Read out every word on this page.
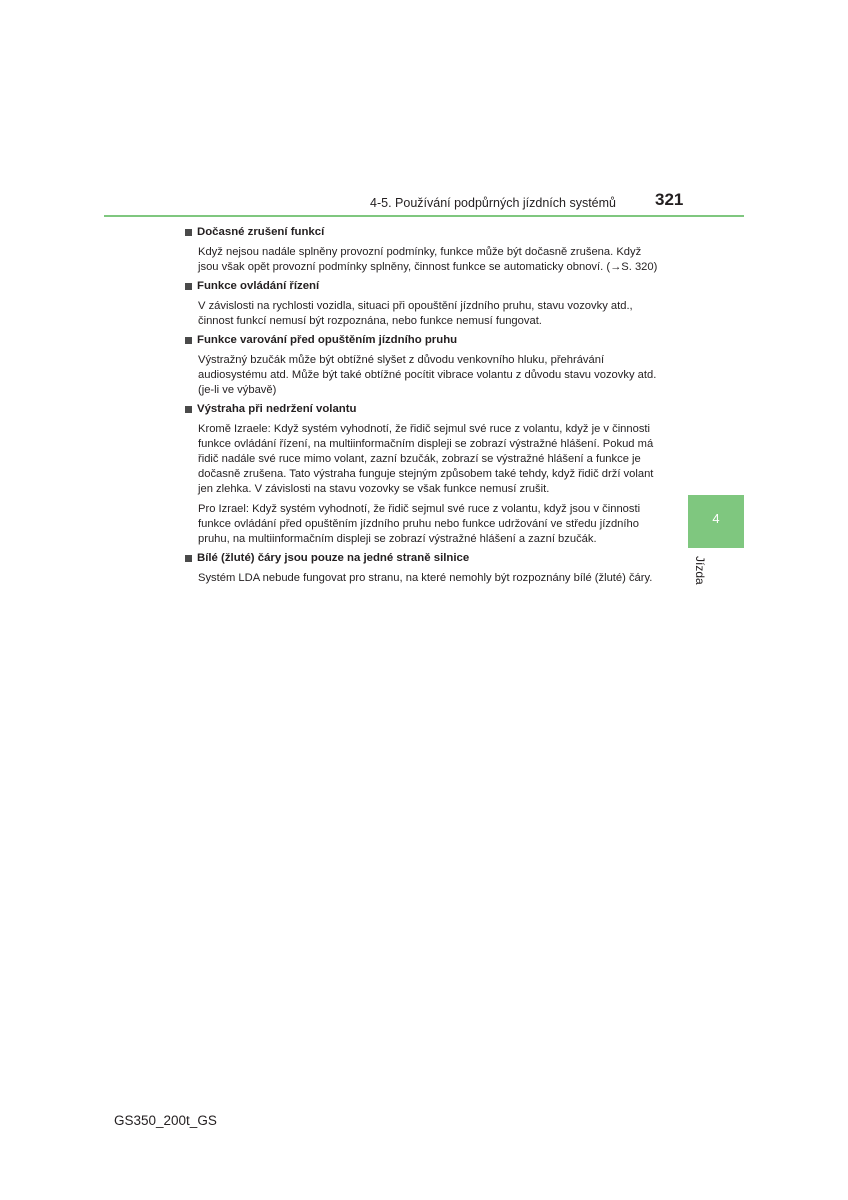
4-5. Používání podpůrných jízdních systémů 321
4
Jízda
Dočasné zrušení funkcí

Když nejsou nadále splněny provozní podmínky, funkce může být dočasně zrušena. Když jsou však opět provozní podmínky splněny, činnost funkce se automaticky obnoví. (→S. 320)

Funkce ovládání řízení

V závislosti na rychlosti vozidla, situaci při opouštění jízdního pruhu, stavu vozovky atd., činnost funkcí nemusí být rozpoznána, nebo funkce nemusí fungovat.

Funkce varování před opuštěním jízdního pruhu

Výstražný bzučák může být obtížné slyšet z důvodu venkovního hluku, přehrávání audiosystému atd. Může být také obtížné pocítit vibrace volantu z důvodu stavu vozovky atd. (je-li ve výbavě)

Výstraha při nedržení volantu

Kromě Izraele: Když systém vyhodnotí, že řidič sejmul své ruce z volantu, když je v činnosti funkce ovládání řízení, na multiinformačním displeji se zobrazí výstražné hlášení. Pokud má řidič nadále své ruce mimo volant, zazní bzučák, zobrazí se výstražné hlášení a funkce je dočasně zrušena. Tato výstraha funguje stejným způsobem také tehdy, když řidič drží volant jen zlehka. V závislosti na stavu vozovky se však funkce nemusí zrušit.

Pro Izrael: Když systém vyhodnotí, že řidič sejmul své ruce z volantu, když jsou v činnosti funkce ovládání před opuštěním jízdního pruhu nebo funkce udržování ve středu jízdního pruhu, na multiinformačním displeji se zobrazí výstražné hlášení a zazní bzučák.

Bílé (žluté) čáry jsou pouze na jedné straně silnice

Systém LDA nebude fungovat pro stranu, na které nemohly být rozpoznány bílé (žluté) čáry.

GS350_200t_GS
